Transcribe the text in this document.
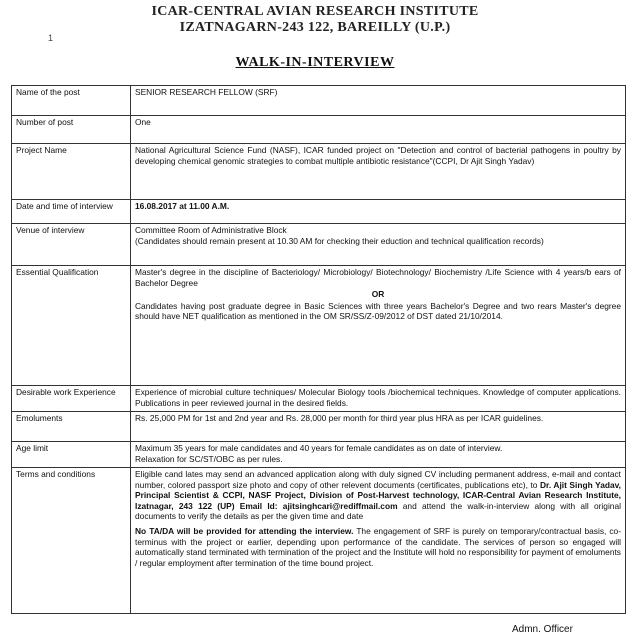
ICAR-CENTRAL AVIAN RESEARCH INSTITUTE
IZATNAGARN-243 122, BAREILLY (U.P.)
1
WALK-IN-INTERVIEW
Name of the post	SENIOR RESEARCH FELLOW (SRF)
Number of post	One
Project Name	National Agricultural Science Fund (NASF), ICAR funded project on "Detection and control of bacterial pathogens in poultry by developing chemical genomic strategies to combat multiple antibiotic resistance"(CCPI, Dr Ajit Singh Yadav)
Date and time of interview	16.08.2017 at 11.00 A.M.
Venue of interview	Committee Room of Administrative Block
(Candidates should remain present at 10.30 AM for checking their eduction and technical qualification records)

Essential Qualification	Master's degree in the discipline of Bacteriology/ Microbiology/ Biotechnology/ Biochemistry /Life Science with 4 years/b ears of Bachelor Degree
OR
Candidates having post graduate degree in Basic Sciences with three years Bachelor's Degree and two rears Master's degree should have NET qualification as mentioned in the OM SR/SS/Z-09/2012 of DST dated 21/10/2014.

Desirable work Experience	Experience of microbial culture techniques/ Molecular Biology tools /biochemical techniques. Knowledge of computer applications. Publications in peer reviewed journal in the desired fields.
Emoluments	Rs. 25,000 PM for 1st and 2nd year and Rs. 28,000 per month for third year plus HRA as per ICAR guidelines.
Age limit	Maximum 35 years for male candidates and 40 years for female candidates as on date of interview.
Relaxation for SC/ST/OBC as per rules.

Terms and conditions	Eligible cand lates may send an advanced application along with duly signed CV including permanent address, e-mail and contact number, colored passport size photo and copy of other relevent documents (certificates, publications etc), to Dr. Ajit Singh Yadav, Principal Scientist & CCPI, NASF Project, Division of Post-Harvest technology, ICAR-Central Avian Research Institute, Izatnagar, 243 122 (UP) Email Id: ajitsinghcari@rediffmail.com and attend the walk-in-interview along with all original documents to verify the details as per the given time and date
No TA/DA will be provided for attending the interview. The engagement of SRF is purely on temporary/contractual basis, co-terminus with the project or earlier, depending upon performance of the candidate. The services of person so engaged will automatically stand terminated with termination of the project and the Institute will hold no responsibility for payment of emoluments / regular employment after termination of the time bound project.
Admn. Officer
